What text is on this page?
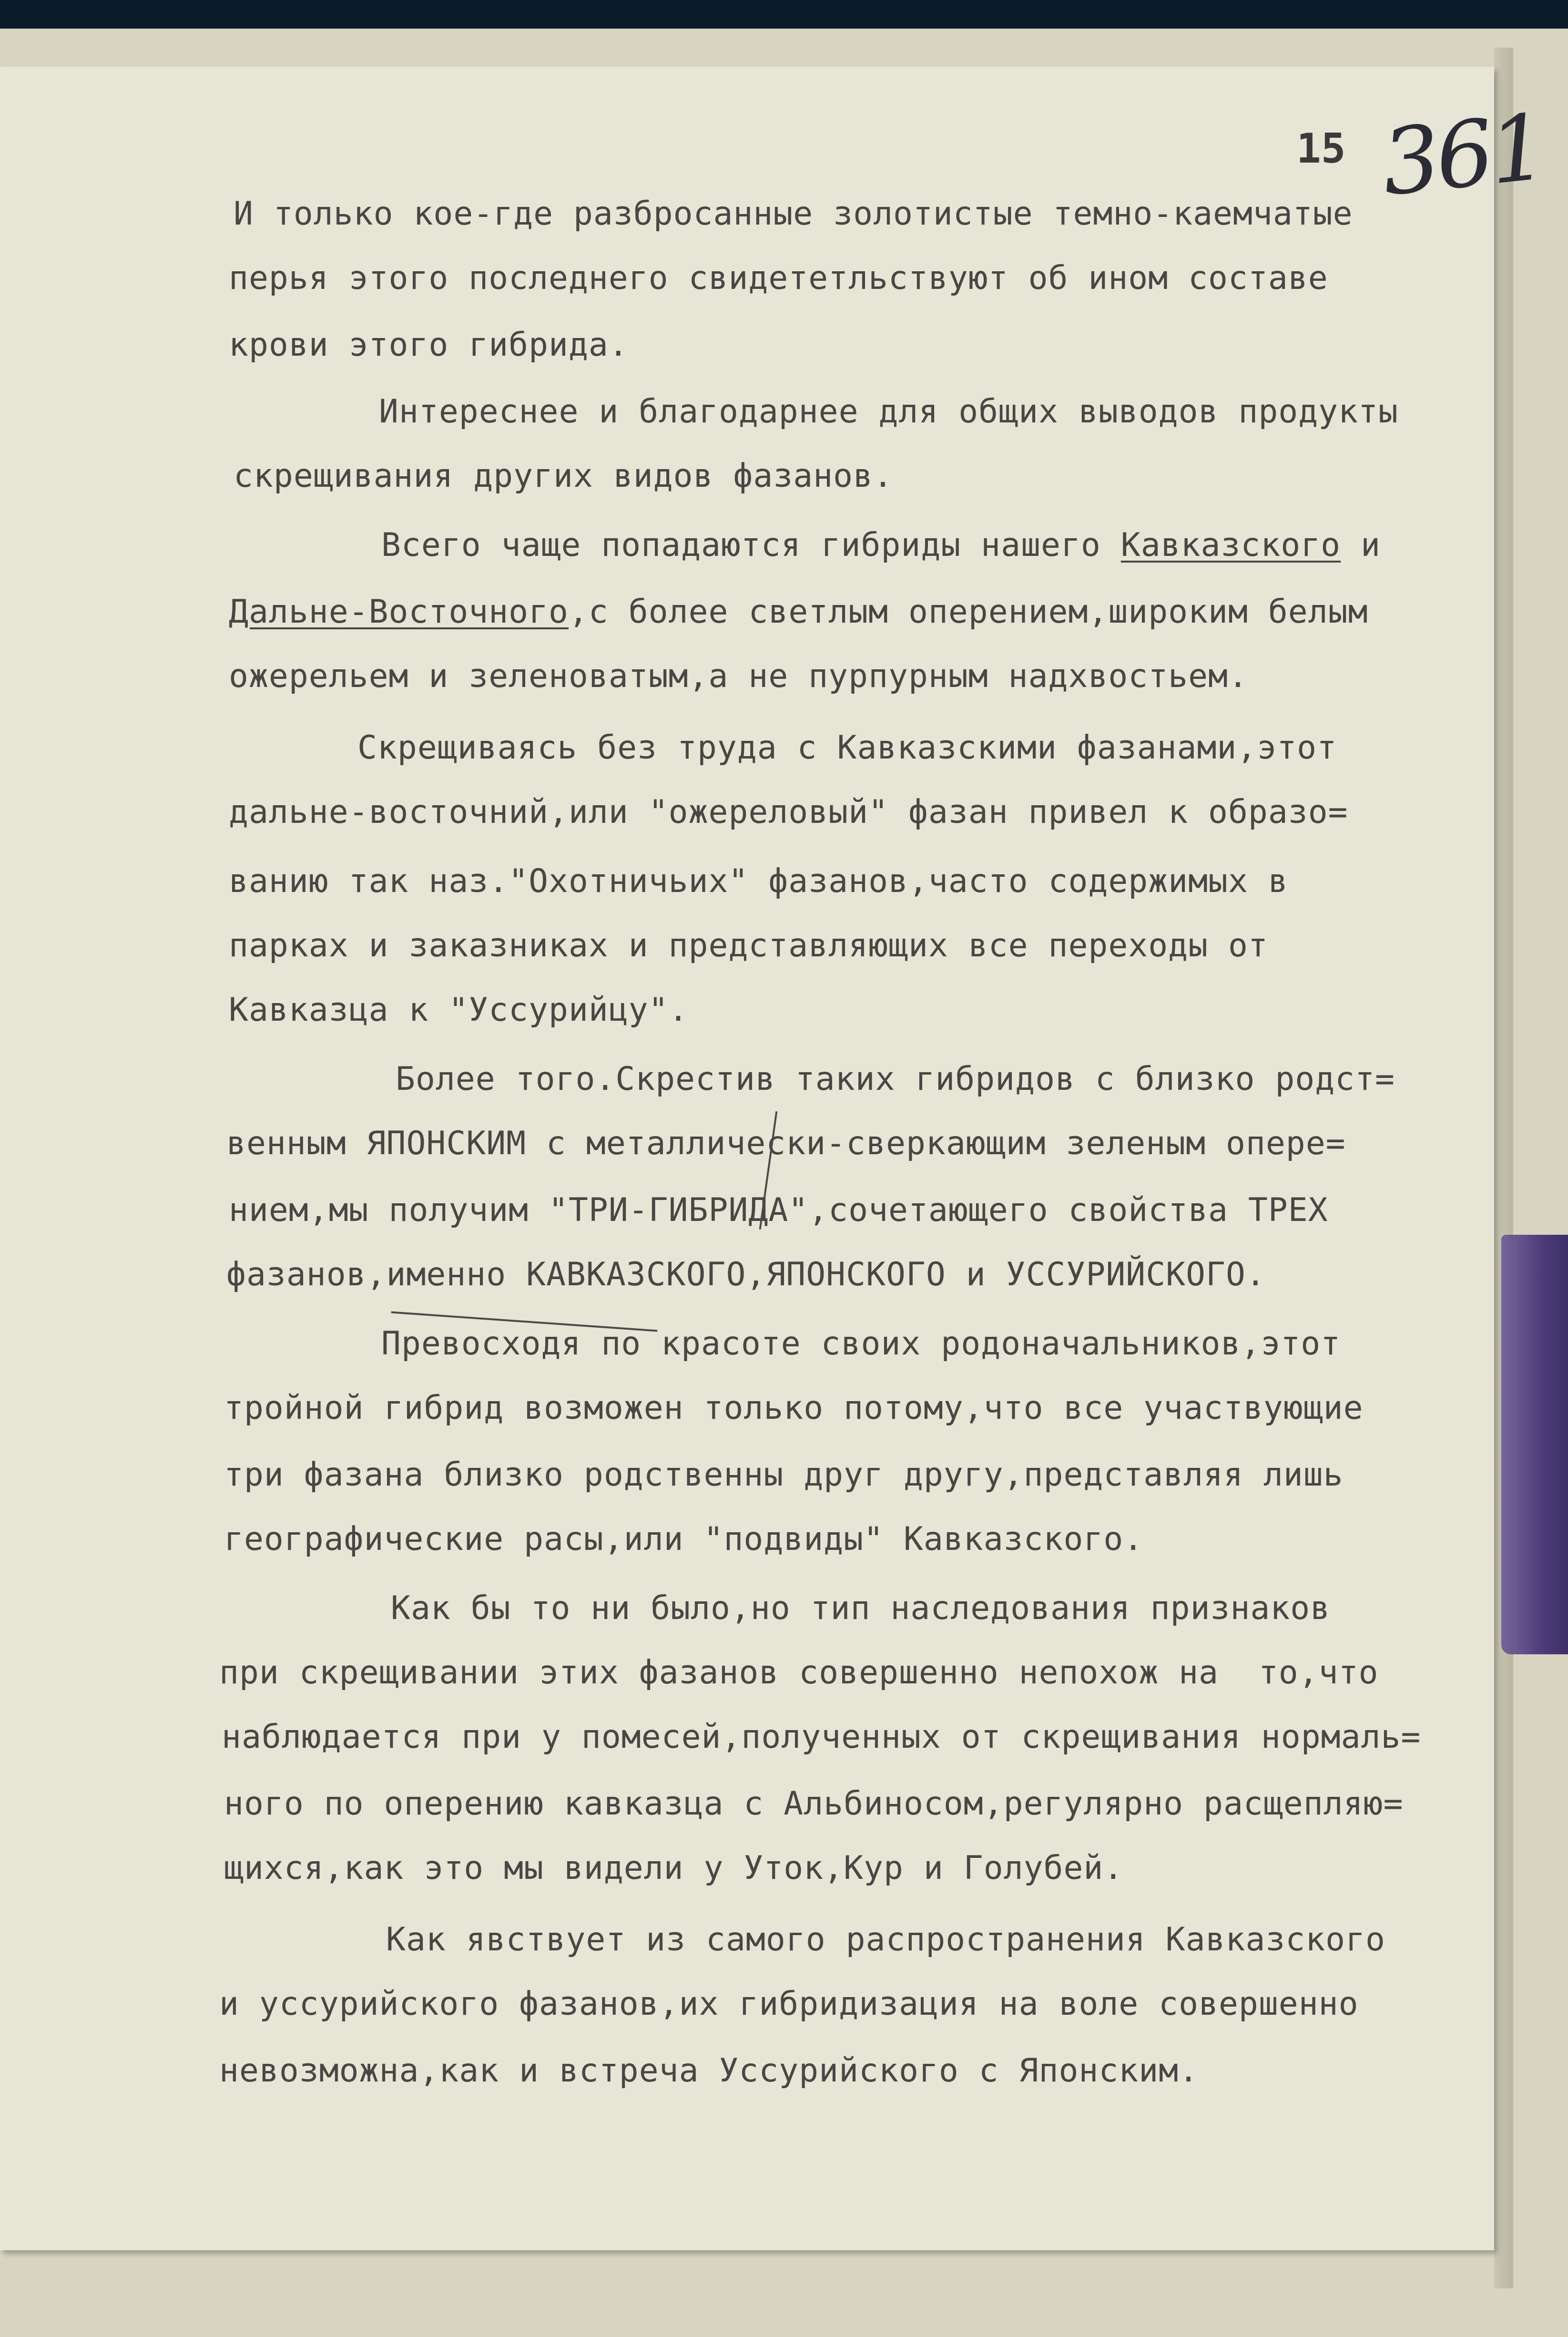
15 361
И только кое-где разбросанные золотистые темно-каемчатые
перья этого последнего свидететльствуют об ином составе
крови этого гибрида.
Интереснее и благодарнее для общих выводов продукты
скрещивания других видов фазанов.
Всего чаще попадаются гибриды нашего Кавказского и
Дальне-Восточного,с более светлым оперением,широким белым
ожерельем и зеленоватым,а не пурпурным надхвостьем.
Скрещиваясь без труда с Кавказскими фазанами,этот
дальне-восточний,или "ожереловый" фазан привел к образо=
ванию так наз."Охотничьих" фазанов,часто содержимых в
парках и заказниках и представляющих все переходы от
Кавказца к "Уссурийцу".
Более того.Скрестив таких гибридов с близко родст=
венным ЯПОНСКИМ с металлически-сверкающим зеленым опере=
нием,мы получим "ТРИ-ГИБРИДА",сочетающего свойства ТРЕХ
фазанов,именно КАВКАЗСКОГО,ЯПОНСКОГО и УССУРИЙСКОГО.
Превосходя по красоте своих родоначальников,этот
тройной гибрид возможен только потому,что все участвующие
три фазана близко родственны друг другу,представляя лишь
географические расы,или "подвиды" Кавказского.
Как бы то ни было,но тип наследования признаков
при скрещивании этих фазанов совершенно непохож на  то,что
наблюдается при у помесей,полученных от скрещивания нормаль=
ного по оперению кавказца с Альбиносом,регулярно расщепляю=
щихся,как это мы видели у Уток,Кур и Голубей.
Как явствует из самого распространения Кавказского
и уссурийского фазанов,их гибридизация на воле совершенно
невозможна,как и встреча Уссурийского с Японским.
